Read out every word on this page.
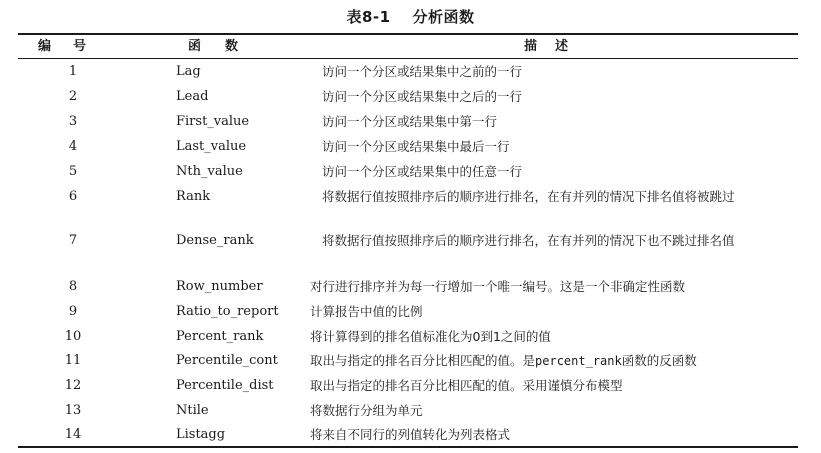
表8-1 分析函数
编号	函数	描述
1	Lag	访问一个分区或结果集中之前的一行
2	Lead	访问一个分区或结果集中之后的一行
3	First_value	访问一个分区或结果集中第一行
4	Last_value	访问一个分区或结果集中最后一行
5	Nth_value	访问一个分区或结果集中的任意一行
6	Rank	将数据行值按照排序后的顺序进行排名，在有并列的情况下排名值将被跳过
7	Dense_rank	将数据行值按照排序后的顺序进行排名，在有并列的情况下也不跳过排名值
8	Row_number	对行进行排序并为每一行增加一个唯一编号。这是一个非确定性函数
9	Ratio_to_report	计算报告中值的比例
10	Percent_rank	将计算得到的排名值标准化为0到1之间的值
11	Percentile_cont	取出与指定的排名百分比相匹配的值。是percent_rank函数的反函数
12	Percentile_dist	取出与指定的排名百分比相匹配的值。采用谨慎分布模型
13	Ntile	将数据行分组为单元
14	Listagg	将来自不同行的列值转化为列表格式
